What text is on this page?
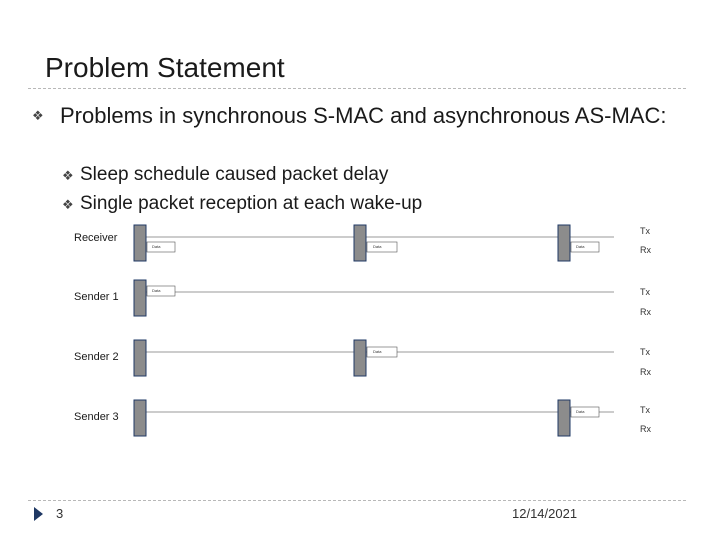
Problem Statement
❖ Problems in synchronous S-MAC and asynchronous AS-MAC:
❖ Sleep schedule caused packet delay
❖ Single packet reception at each wake-up
Receiver
Sender 1
Sender 2
Sender 3
Data	Data	Data
Data
Data
Data
Tx
Rx
Tx
Rx
Tx
Rx
Tx
Rx
3	12/14/2021
